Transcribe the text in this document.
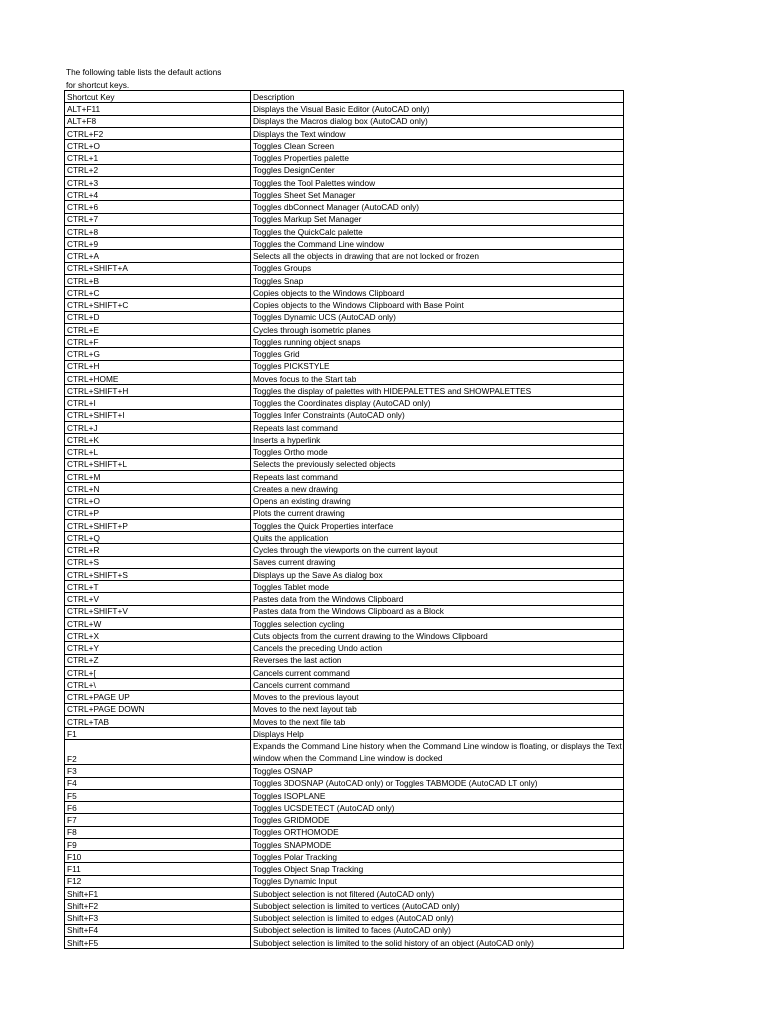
The following table lists the default actions
for shortcut keys.
Shortcut Key	Description
ALT+F11	Displays the Visual Basic Editor (AutoCAD only)
ALT+F8	Displays the Macros dialog box (AutoCAD only)
CTRL+F2	Displays the Text window
CTRL+O	Toggles Clean Screen
CTRL+1	Toggles Properties palette
CTRL+2	Toggles DesignCenter
CTRL+3	Toggles the Tool Palettes window
CTRL+4	Toggles Sheet Set Manager
CTRL+6	Toggles dbConnect Manager (AutoCAD only)
CTRL+7	Toggles Markup Set Manager
CTRL+8	Toggles the QuickCalc palette
CTRL+9	Toggles the Command Line window
CTRL+A	Selects all the objects in drawing that are not locked or frozen
CTRL+SHIFT+A	Toggles Groups
CTRL+B	Toggles Snap
CTRL+C	Copies objects to the Windows Clipboard
CTRL+SHIFT+C	Copies objects to the Windows Clipboard with Base Point
CTRL+D	Toggles Dynamic UCS (AutoCAD only)
CTRL+E	Cycles through isometric planes
CTRL+F	Toggles running object snaps
CTRL+G	Toggles Grid
CTRL+H	Toggles PICKSTYLE
CTRL+HOME	Moves focus to the Start tab
CTRL+SHIFT+H	Toggles the display of palettes with HIDEPALETTES and SHOWPALETTES
CTRL+I	Toggles the Coordinates display (AutoCAD only)
CTRL+SHIFT+I	Toggles Infer Constraints (AutoCAD only)
CTRL+J	Repeats last command
CTRL+K	Inserts a hyperlink
CTRL+L	Toggles Ortho mode
CTRL+SHIFT+L	Selects the previously selected objects
CTRL+M	Repeats last command
CTRL+N	Creates a new drawing
CTRL+O	Opens an existing drawing
CTRL+P	Plots the current drawing
CTRL+SHIFT+P	Toggles the Quick Properties interface
CTRL+Q	Quits the application
CTRL+R	Cycles through the viewports on the current layout
CTRL+S	Saves current drawing
CTRL+SHIFT+S	Displays up the Save As dialog box
CTRL+T	Toggles Tablet mode
CTRL+V	Pastes data from the Windows Clipboard
CTRL+SHIFT+V	Pastes data from the Windows Clipboard as a Block
CTRL+W	Toggles selection cycling
CTRL+X	Cuts objects from the current drawing to the Windows Clipboard
CTRL+Y	Cancels the preceding Undo action
CTRL+Z	Reverses the last action
CTRL+[	Cancels current command
CTRL+\	Cancels current command
CTRL+PAGE UP	Moves to the previous layout
CTRL+PAGE DOWN	Moves to the next layout tab
CTRL+TAB	Moves to the next file tab
F1	Displays Help
F2	Expands the Command Line history when the Command Line window is floating, or displays the Text window when the Command Line window is docked
F3	Toggles OSNAP
F4	Toggles 3DOSNAP (AutoCAD only) or Toggles TABMODE (AutoCAD LT only)
F5	Toggles ISOPLANE
F6	Toggles UCSDETECT (AutoCAD only)
F7	Toggles GRIDMODE
F8	Toggles ORTHOMODE
F9	Toggles SNAPMODE
F10	Toggles Polar Tracking
F11	Toggles Object Snap Tracking
F12	Toggles Dynamic Input
Shift+F1	Subobject selection is not filtered (AutoCAD only)
Shift+F2	Subobject selection is limited to vertices (AutoCAD only)
Shift+F3	Subobject selection is limited to edges (AutoCAD only)
Shift+F4	Subobject selection is limited to faces (AutoCAD only)
Shift+F5	Subobject selection is limited to the solid history of an object (AutoCAD only)
